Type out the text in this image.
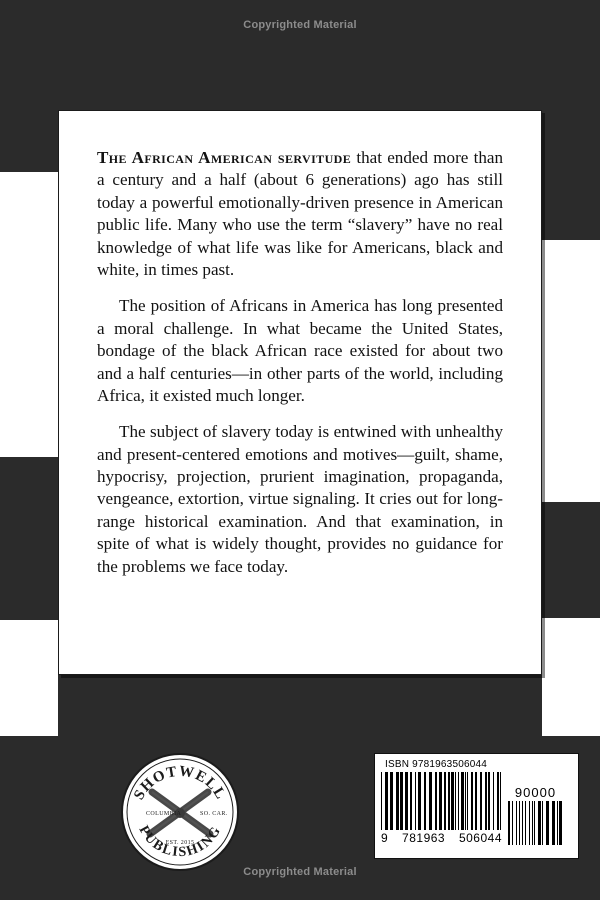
Copyrighted Material

The African American servitude that ended more than a century and a half (about 6 generations) ago has still today a powerful emotionally-driven presence in American public life. Many who use the term “slavery” have no real knowledge of what life was like for Americans, black and white, in times past.

The position of Africans in America has long presented a moral challenge. In what became the United States, bondage of the black African race existed for about two and a half centuries—in other parts of the world, including Africa, it existed much longer.

The subject of slavery today is entwined with unhealthy and present-centered emotions and motives—guilt, shame, hypocrisy, projection, prurient imagination, propaganda, vengeance, extortion, virtue signaling. It cries out for long-range historical examination. And that examination, in spite of what is widely thought, provides no guidance for the problems we face today.

SHOTWELL
PUBLISHING
COLUMBIA	SO. CAR.
EST. 2015
ISBN 9781963506044
9 781963 506044
90000
Copyrighted Material
